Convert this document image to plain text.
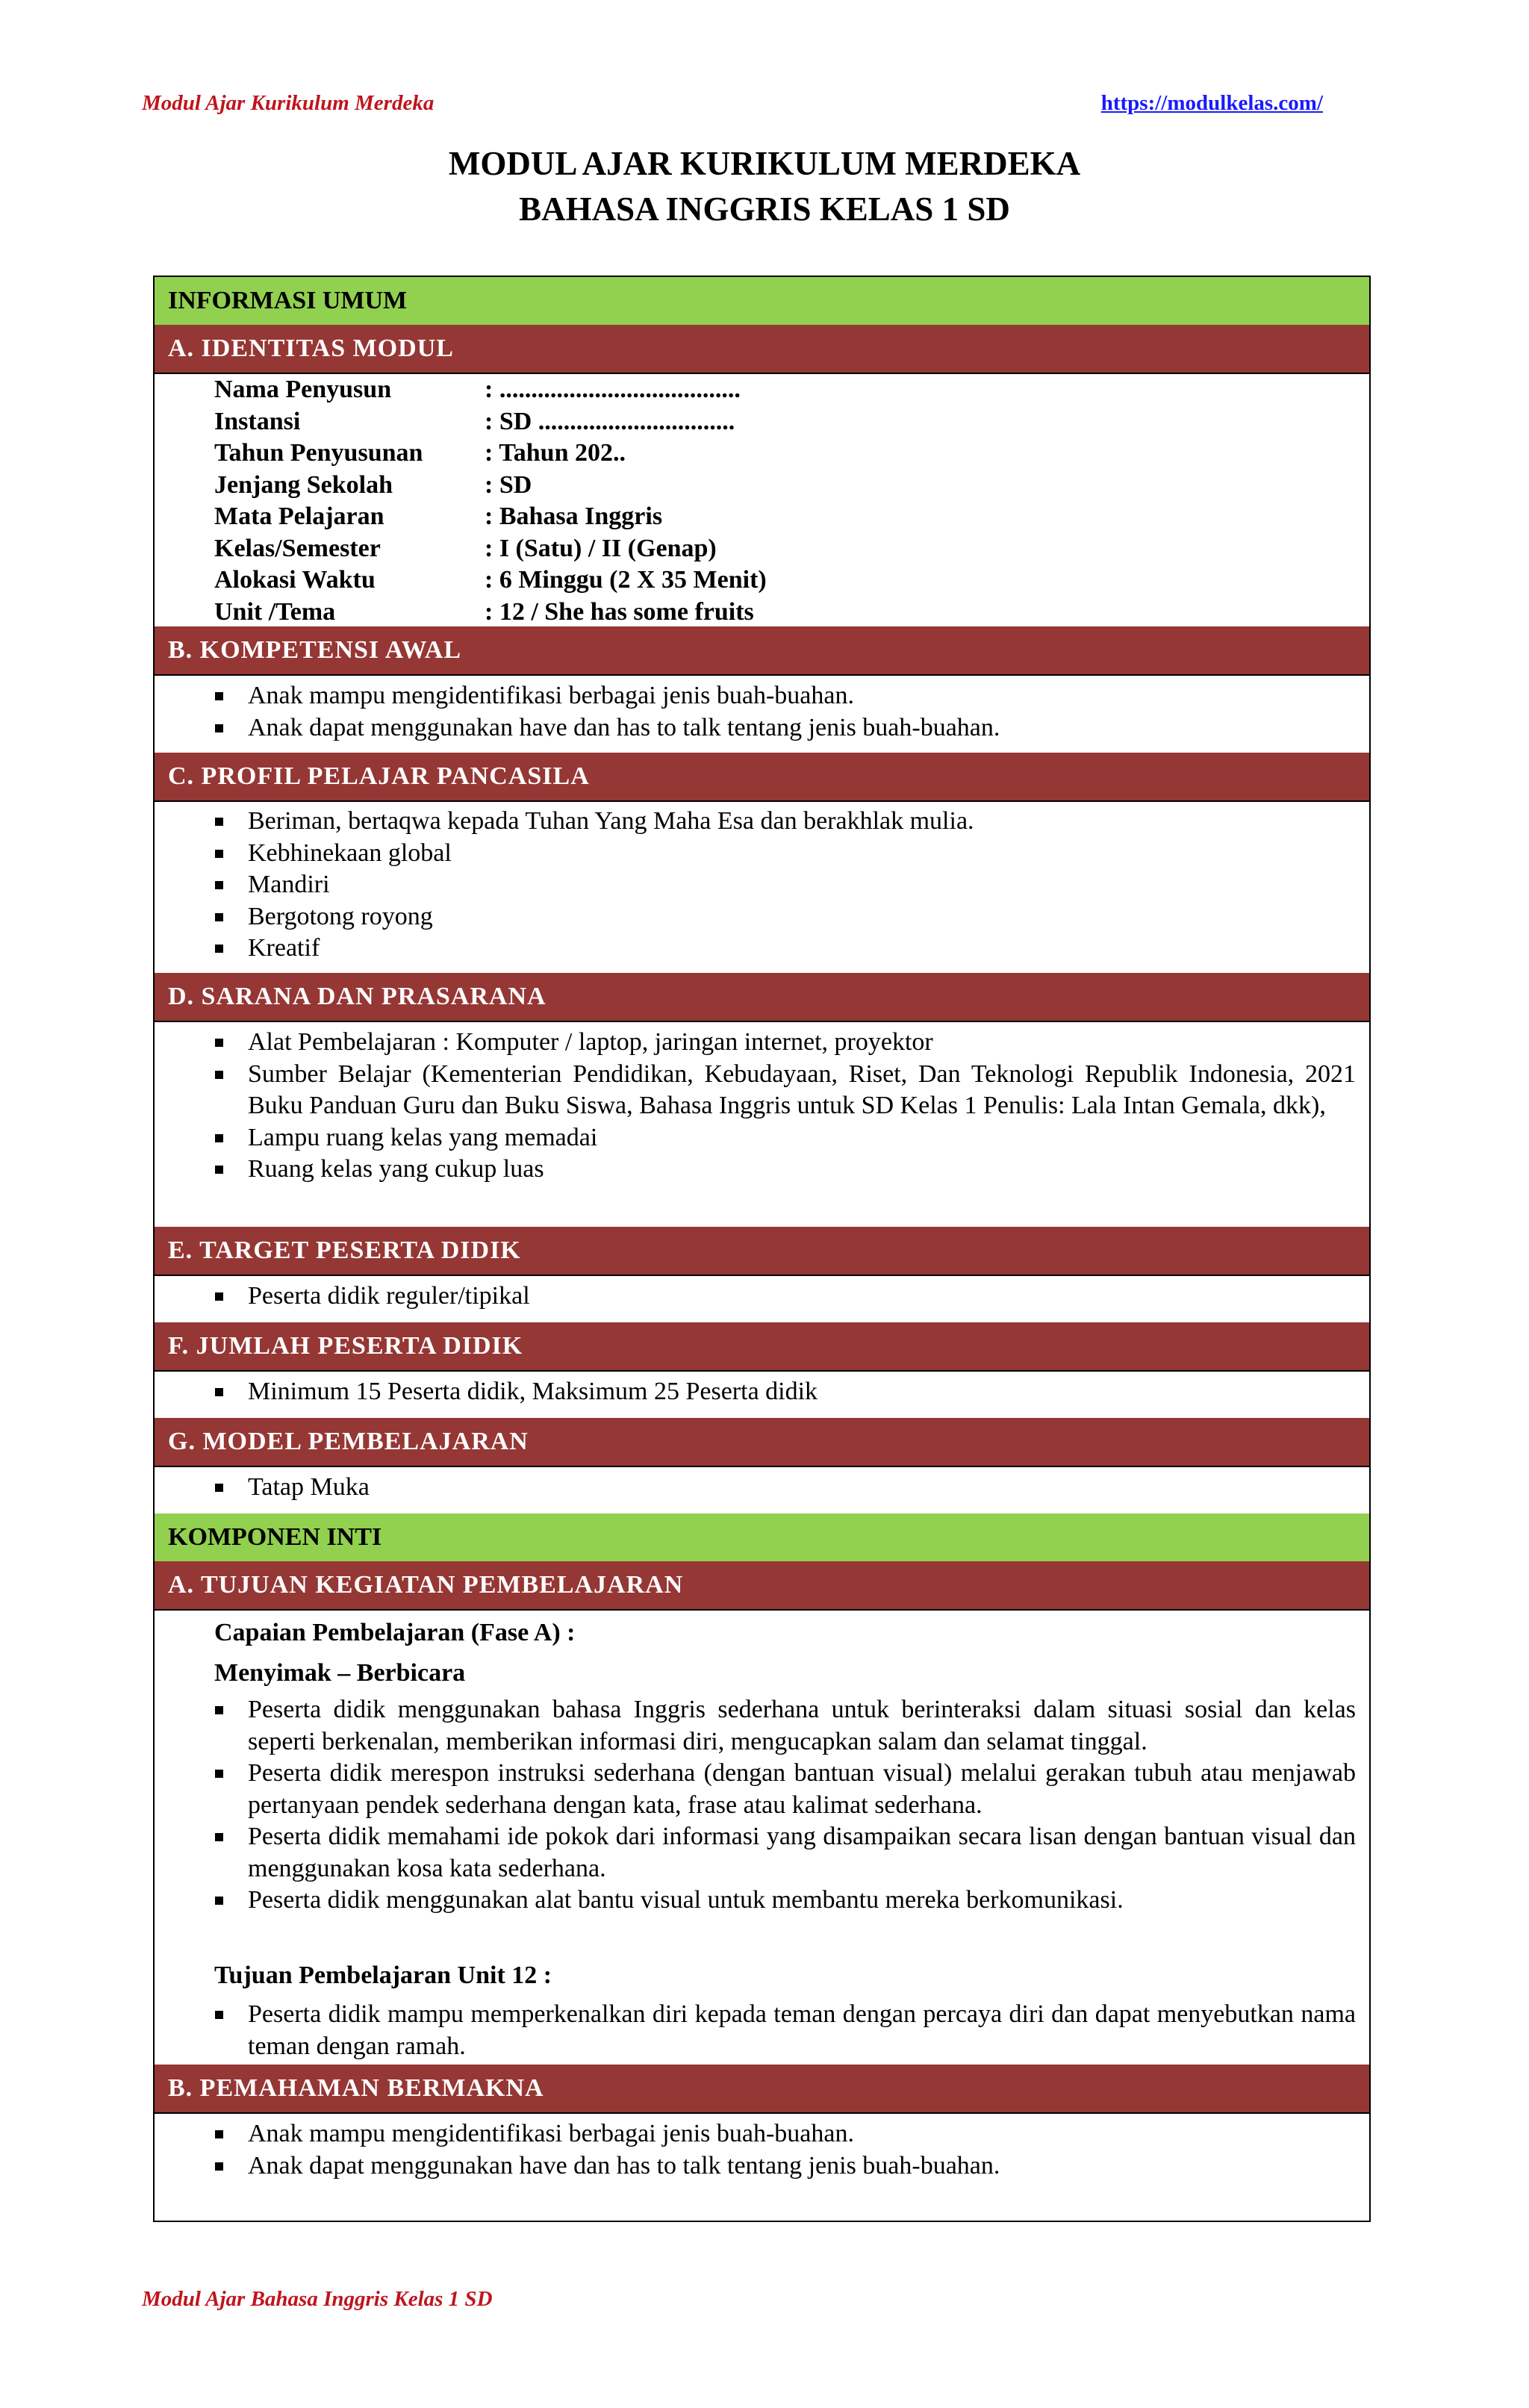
Modul Ajar Kurikulum Merdeka	https://modulkelas.com/
MODUL AJAR KURIKULUM MERDEKA
BAHASA INGGRIS KELAS 1 SD
INFORMASI UMUM
A. IDENTITAS MODUL
Nama Penyusun	: ......................................
Instansi	: SD ...............................
Tahun Penyusunan : Tahun 202..
Jenjang Sekolah	: SD
Mata Pelajaran	: Bahasa Inggris
Kelas/Semester	: I (Satu) / II (Genap)
Alokasi Waktu	: 6 Minggu (2 X 35 Menit)
Unit /Tema	: 12 / She has some fruits
B. KOMPETENSI AWAL
Anak mampu mengidentifikasi berbagai jenis buah-buahan.
Anak dapat menggunakan have dan has to talk tentang jenis buah-buahan.
C. PROFIL PELAJAR PANCASILA
Beriman, bertaqwa kepada Tuhan Yang Maha Esa dan berakhlak mulia.
Kebhinekaan global
Mandiri
Bergotong royong
Kreatif
D. SARANA DAN PRASARANA
Alat Pembelajaran : Komputer / laptop, jaringan internet, proyektor
Sumber Belajar (Kementerian Pendidikan, Kebudayaan, Riset, Dan Teknologi Republik Indonesia, 2021 Buku Panduan Guru dan Buku Siswa, Bahasa Inggris untuk SD Kelas 1 Penulis: Lala Intan Gemala, dkk),
Lampu ruang kelas yang memadai
Ruang kelas yang cukup luas
E. TARGET PESERTA DIDIK
Peserta didik reguler/tipikal
F. JUMLAH PESERTA DIDIK
Minimum 15 Peserta didik, Maksimum 25 Peserta didik
G. MODEL PEMBELAJARAN
Tatap Muka
KOMPONEN INTI
A. TUJUAN KEGIATAN PEMBELAJARAN
Capaian Pembelajaran (Fase A) :
Menyimak – Berbicara
Peserta didik menggunakan bahasa Inggris sederhana untuk berinteraksi dalam situasi sosial dan kelas seperti berkenalan, memberikan informasi diri, mengucapkan salam dan selamat tinggal.
Peserta didik merespon instruksi sederhana (dengan bantuan visual) melalui gerakan tubuh atau menjawab pertanyaan pendek sederhana dengan kata, frase atau kalimat sederhana.
Peserta didik memahami ide pokok dari informasi yang disampaikan secara lisan dengan bantuan visual dan menggunakan kosa kata sederhana.
Peserta didik menggunakan alat bantu visual untuk membantu mereka berkomunikasi.
Tujuan Pembelajaran Unit 12 :
Peserta didik mampu memperkenalkan diri kepada teman dengan percaya diri dan dapat menyebutkan nama teman dengan ramah.
B. PEMAHAMAN BERMAKNA
Anak mampu mengidentifikasi berbagai jenis buah-buahan.
Anak dapat menggunakan have dan has to talk tentang jenis buah-buahan.
Modul Ajar Bahasa Inggris Kelas 1 SD
